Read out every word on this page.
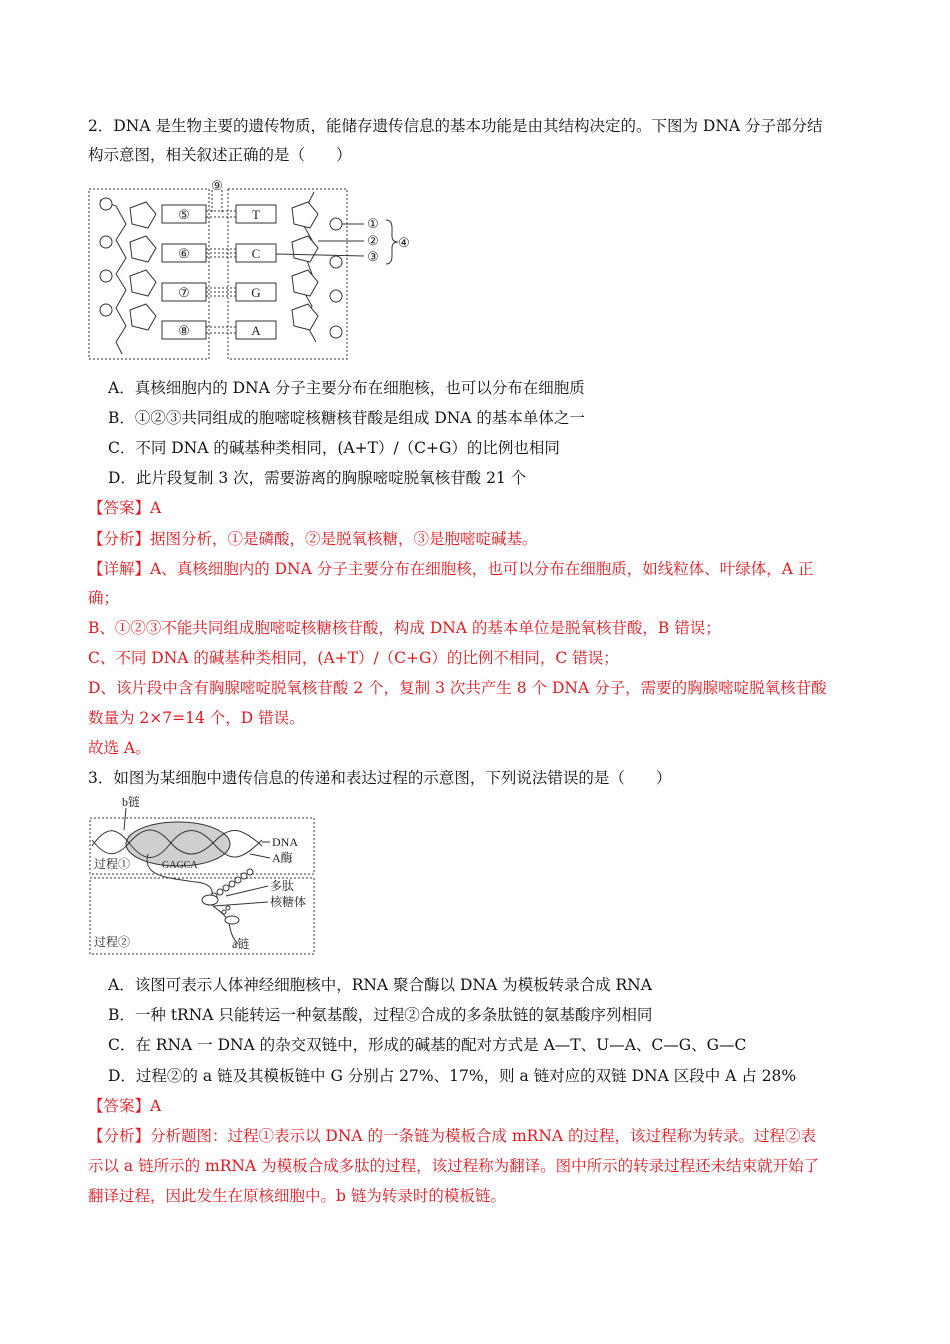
2．DNA 是生物主要的遗传物质，能储存遗传信息的基本功能是由其结构决定的。下图为 DNA 分子部分结
构示意图，相关叙述正确的是（　　）
⑤
⑥
⑦
⑧
T
C
G
A
①
②
③
④
⑨
A．真核细胞内的 DNA 分子主要分布在细胞核，也可以分布在细胞质
B．①②③共同组成的胞嘧啶核糖核苷酸是组成 DNA 的基本单体之一
C．不同 DNA 的碱基种类相同，(A+T）/（C+G）的比例也相同
D．此片段复制 3 次，需要游离的胸腺嘧啶脱氧核苷酸 21 个
【答案】A
【分析】据图分析，①是磷酸，②是脱氧核糖，③是胞嘧啶碱基。
【详解】A、真核细胞内的 DNA 分子主要分布在细胞核，也可以分布在细胞质，如线粒体、叶绿体，A 正
确；
B、①②③不能共同组成胞嘧啶核糖核苷酸，构成 DNA 的基本单位是脱氧核苷酸，B 错误；
C、不同 DNA 的碱基种类相同，(A+T）/（C+G）的比例不相同，C 错误；
D、该片段中含有胸腺嘧啶脱氧核苷酸 2 个，复制 3 次共产生 8 个 DNA 分子，需要的胸腺嘧啶脱氧核苷酸
数量为 2×7=14 个，D 错误。
故选 A。
3．如图为某细胞中遗传信息的传递和表达过程的示意图，下列说法错误的是（　　）
b链
DNA
A酶
过程①	GAGCA
多肽
核糖体
过程②	a链
A．该图可表示人体神经细胞核中，RNA 聚合酶以 DNA 为模板转录合成 RNA
B．一种 tRNA 只能转运一种氨基酸，过程②合成的多条肽链的氨基酸序列相同
C．在 RNA 一 DNA 的杂交双链中，形成的碱基的配对方式是 A—T、U—A、C—G、G—C
D．过程②的 a 链及其模板链中 G 分别占 27%、17%，则 a 链对应的双链 DNA 区段中 A 占 28%
【答案】A
【分析】分析题图：过程①表示以 DNA 的一条链为模板合成 mRNA 的过程，该过程称为转录。过程②表
示以 a 链所示的 mRNA 为模板合成多肽的过程，该过程称为翻译。图中所示的转录过程还未结束就开始了
翻译过程，因此发生在原核细胞中。b 链为转录时的模板链。
